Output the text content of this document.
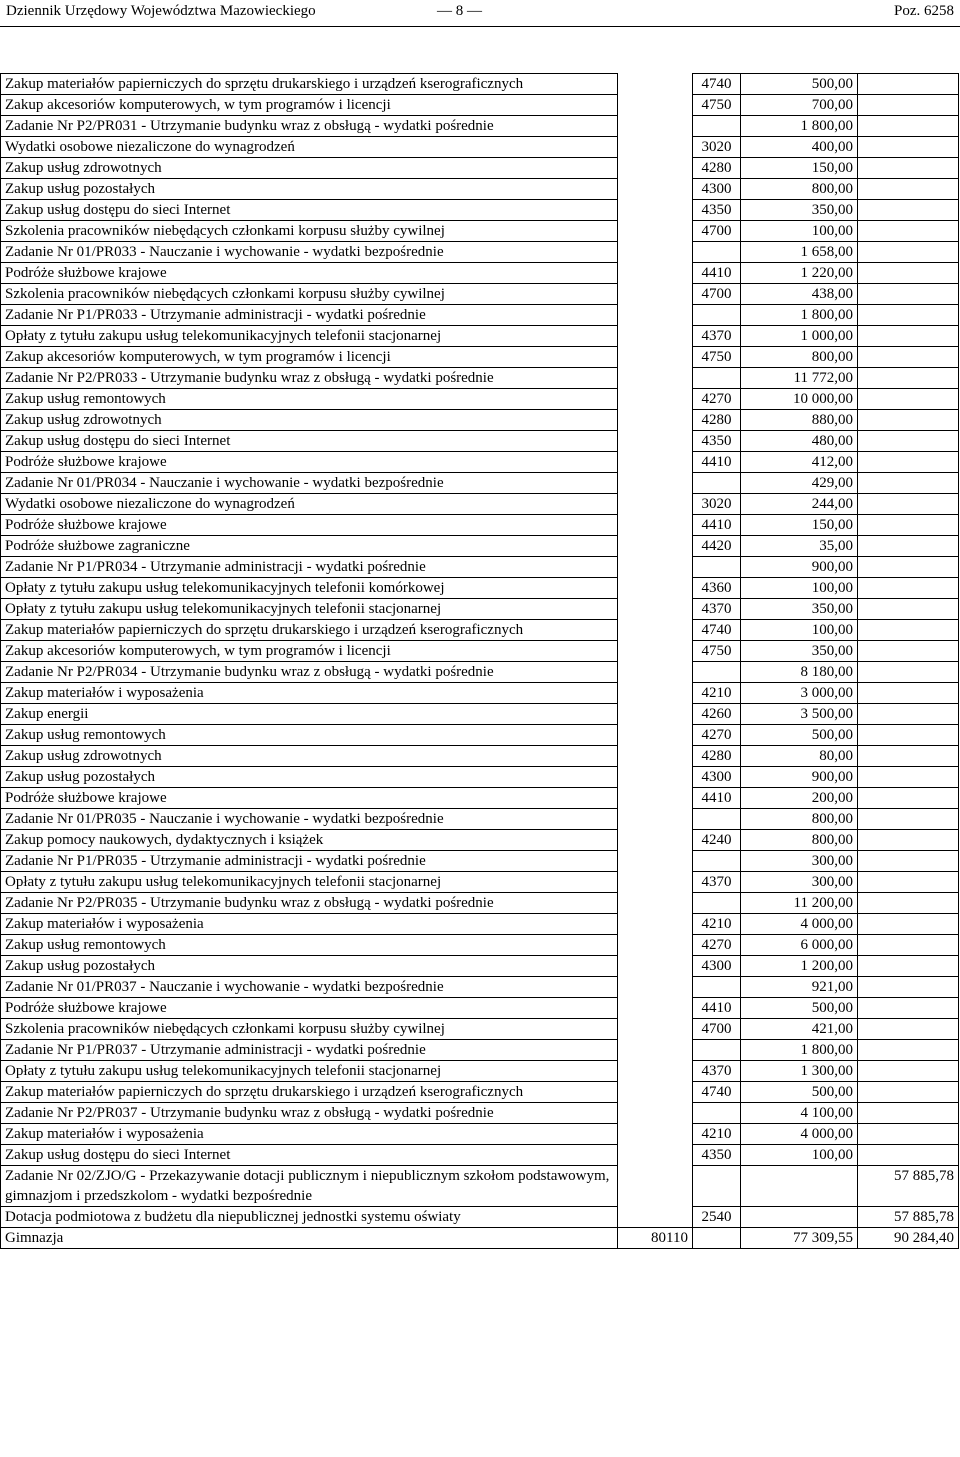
Dziennik Urzędowy Województwa Mazowieckiego	— 8 —	Poz. 6258
Zakup materiałów papierniczych do sprzętu drukarskiego i urządzeń kserograficznych		4740	500,00	
Zakup akcesoriów komputerowych, w tym programów i licencji		4750	700,00	
Zadanie Nr P2/PR031 - Utrzymanie budynku wraz z obsługą - wydatki pośrednie			1 800,00	
Wydatki osobowe niezaliczone do wynagrodzeń		3020	400,00	
Zakup usług zdrowotnych		4280	150,00	
Zakup usług pozostałych		4300	800,00	
Zakup usług dostępu do sieci Internet		4350	350,00	
Szkolenia pracowników niebędących członkami korpusu służby cywilnej		4700	100,00	
Zadanie Nr 01/PR033 - Nauczanie i wychowanie - wydatki bezpośrednie			1 658,00	
Podróże służbowe krajowe		4410	1 220,00	
Szkolenia pracowników niebędących członkami korpusu służby cywilnej		4700	438,00	
Zadanie Nr P1/PR033 - Utrzymanie administracji - wydatki pośrednie			1 800,00	
Opłaty z tytułu zakupu usług telekomunikacyjnych telefonii stacjonarnej		4370	1 000,00	
Zakup akcesoriów komputerowych, w tym programów i licencji		4750	800,00	
Zadanie Nr P2/PR033 - Utrzymanie budynku wraz z obsługą - wydatki pośrednie			11 772,00	
Zakup usług remontowych		4270	10 000,00	
Zakup usług zdrowotnych		4280	880,00	
Zakup usług dostępu do sieci Internet		4350	480,00	
Podróże służbowe krajowe		4410	412,00	
Zadanie Nr 01/PR034 - Nauczanie i wychowanie - wydatki bezpośrednie			429,00	
Wydatki osobowe niezaliczone do wynagrodzeń		3020	244,00	
Podróże służbowe krajowe		4410	150,00	
Podróże służbowe zagraniczne		4420	35,00	
Zadanie Nr P1/PR034 - Utrzymanie administracji - wydatki pośrednie			900,00	
Opłaty z tytułu zakupu usług telekomunikacyjnych telefonii komórkowej		4360	100,00	
Opłaty z tytułu zakupu usług telekomunikacyjnych telefonii stacjonarnej		4370	350,00	
Zakup materiałów papierniczych do sprzętu drukarskiego i urządzeń kserograficznych		4740	100,00	
Zakup akcesoriów komputerowych, w tym programów i licencji		4750	350,00	
Zadanie Nr P2/PR034 - Utrzymanie budynku wraz z obsługą - wydatki pośrednie			8 180,00	
Zakup materiałów i wyposażenia		4210	3 000,00	
Zakup energii		4260	3 500,00	
Zakup usług remontowych		4270	500,00	
Zakup usług zdrowotnych		4280	80,00	
Zakup usług pozostałych		4300	900,00	
Podróże służbowe krajowe		4410	200,00	
Zadanie Nr 01/PR035 - Nauczanie i wychowanie - wydatki bezpośrednie			800,00	
Zakup pomocy naukowych, dydaktycznych i książek		4240	800,00	
Zadanie Nr P1/PR035 - Utrzymanie administracji - wydatki pośrednie			300,00	
Opłaty z tytułu zakupu usług telekomunikacyjnych telefonii stacjonarnej		4370	300,00	
Zadanie Nr P2/PR035 - Utrzymanie budynku wraz z obsługą - wydatki pośrednie			11 200,00	
Zakup materiałów i wyposażenia		4210	4 000,00	
Zakup usług remontowych		4270	6 000,00	
Zakup usług pozostałych		4300	1 200,00	
Zadanie Nr 01/PR037 - Nauczanie i wychowanie - wydatki bezpośrednie			921,00	
Podróże służbowe krajowe		4410	500,00	
Szkolenia pracowników niebędących członkami korpusu służby cywilnej		4700	421,00	
Zadanie Nr P1/PR037 - Utrzymanie administracji - wydatki pośrednie			1 800,00	
Opłaty z tytułu zakupu usług telekomunikacyjnych telefonii stacjonarnej		4370	1 300,00	
Zakup materiałów papierniczych do sprzętu drukarskiego i urządzeń kserograficznych		4740	500,00	
Zadanie Nr P2/PR037 - Utrzymanie budynku wraz z obsługą - wydatki pośrednie			4 100,00	
Zakup materiałów i wyposażenia		4210	4 000,00	
Zakup usług dostępu do sieci Internet		4350	100,00	
Zadanie Nr 02/ZJO/G - Przekazywanie dotacji publicznym i niepublicznym szkołom podstawowym, gimnazjom i przedszkolom - wydatki bezpośrednie				57 885,78
Dotacja podmiotowa z budżetu dla niepublicznej jednostki systemu oświaty		2540		57 885,78
Gimnazja	80110		77 309,55	90 284,40
